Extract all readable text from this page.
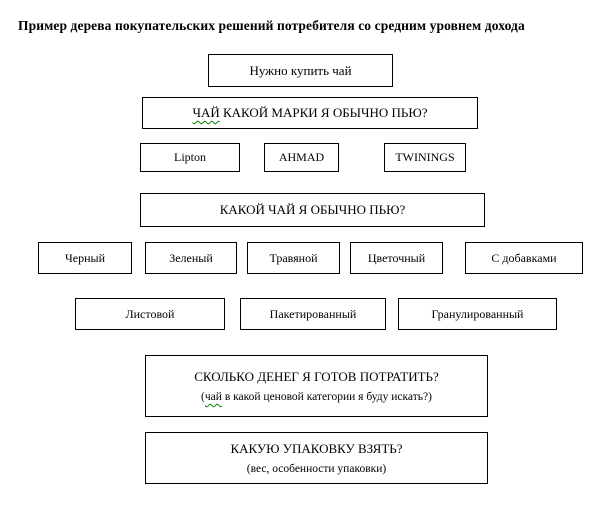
Пример дерева покупательских решений потребителя со средним уровнем дохода
Нужно купить чай
ЧАЙ КАКОЙ МАРКИ Я ОБЫЧНО ПЬЮ?
Lipton	AHMAD	TWININGS
КАКОЙ ЧАЙ Я ОБЫЧНО ПЬЮ?
Черный	Зеленый	Травяной	Цветочный	С добавками
Листовой	Пакетированный	Гранулированный
СКОЛЬКО ДЕНЕГ Я ГОТОВ ПОТРАТИТЬ?
(чай в какой ценовой категории я буду искать?)
КАКУЮ УПАКОВКУ ВЗЯТЬ?
(вес, особенности упаковки)
